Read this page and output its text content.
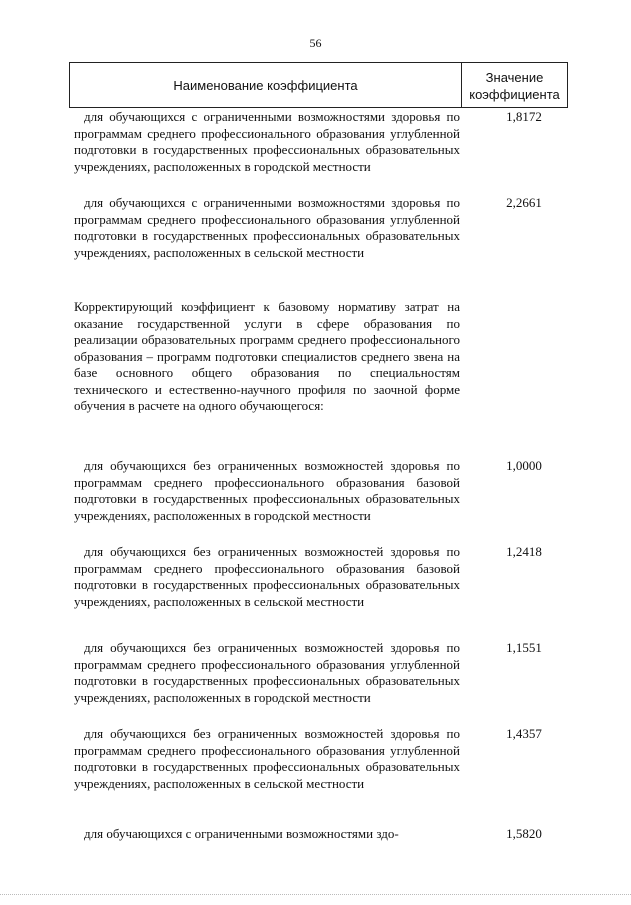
56
Наименование коэффициента	Значение
коэффициента
для обучающихся с ограниченными возможностями здоровья по программам среднего профессионального образования углубленной подготовки в государственных профессиональных образовательных учреждениях, расположенных в городской местности
1,8172
для обучающихся с ограниченными возможностями здоровья по программам среднего профессионального образования углубленной подготовки в государственных профессиональных образовательных учреждениях, расположенных в сельской местности
2,2661
Корректирующий коэффициент к базовому нормативу затрат на оказание государственной услуги в сфере образования по реализации образовательных программ среднего профессионального образования – программ подготовки специалистов среднего звена на базе основного общего образования по специальностям технического и естественно-научного профиля по заочной форме обучения в расчете на одного обучающегося:
для обучающихся без ограниченных возможностей здоровья по программам среднего профессионального образования базовой подготовки в государственных профессиональных образовательных учреждениях, расположенных в городской местности
1,0000
для обучающихся без ограниченных возможностей здоровья по программам среднего профессионального образования базовой подготовки в государственных профессиональных образовательных учреждениях, расположенных в сельской местности
1,2418
для обучающихся без ограниченных возможностей здоровья по программам среднего профессионального образования углубленной подготовки в государственных профессиональных образовательных учреждениях, расположенных в городской местности
1,1551
для обучающихся без ограниченных возможностей здоровья по программам среднего профессионального образования углубленной подготовки в государственных профессиональных образовательных учреждениях, расположенных в сельской местности
1,4357
для обучающихся с ограниченными возможностями здо-	1,5820
